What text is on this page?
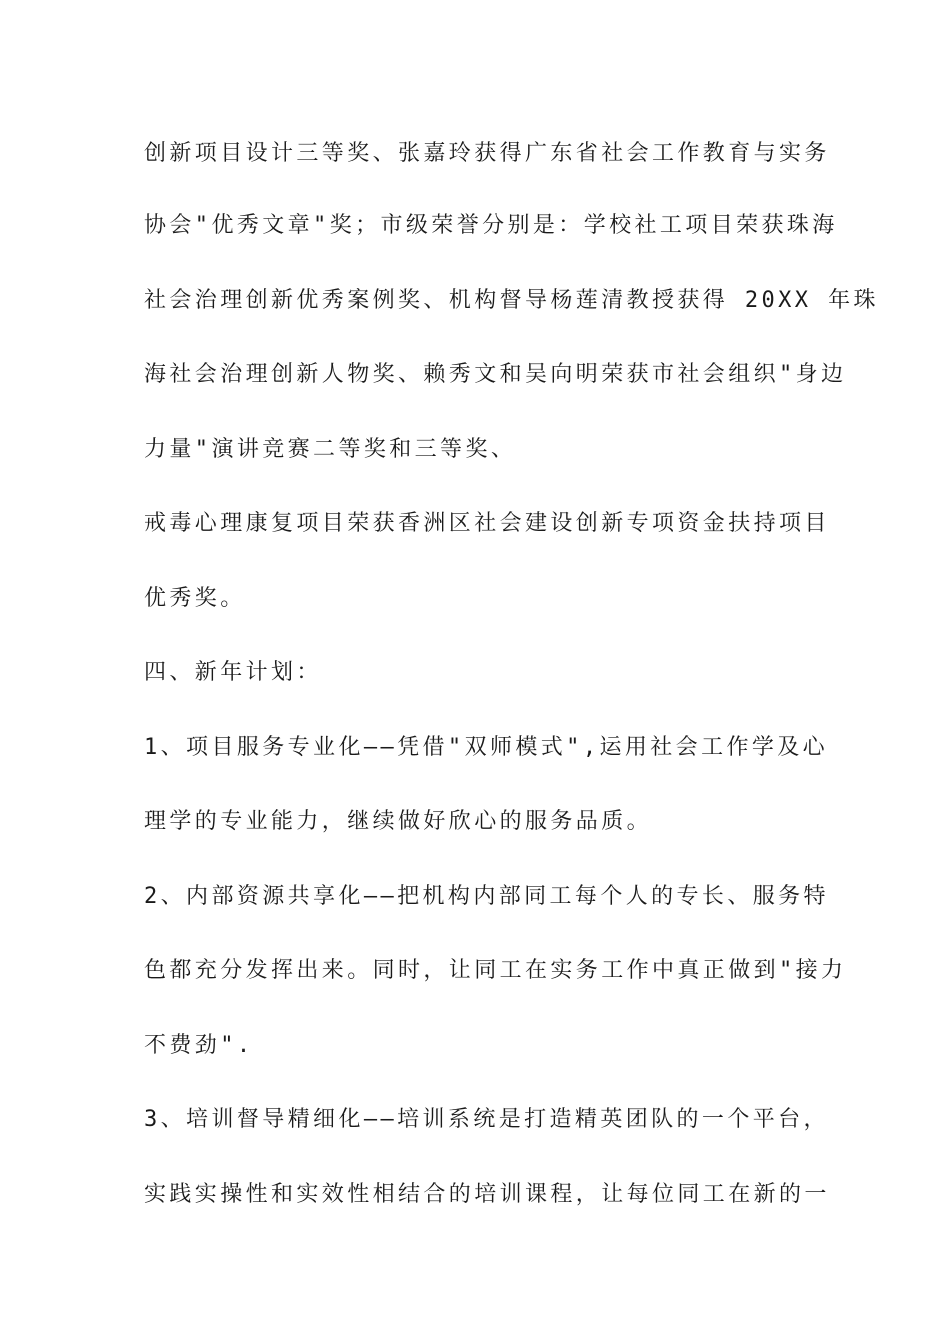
创新项目设计三等奖、张嘉玲获得广东省社会工作教育与实务
协会"优秀文章"奖；市级荣誉分别是：学校社工项目荣获珠海
社会治理创新优秀案例奖、机构督导杨莲清教授获得 20XX 年珠
海社会治理创新人物奖、赖秀文和吴向明荣获市社会组织"身边
力量"演讲竞赛二等奖和三等奖、
戒毒心理康复项目荣获香洲区社会建设创新专项资金扶持项目
优秀奖。
四、新年计划：
1、项目服务专业化——凭借"双师模式",运用社会工作学及心
理学的专业能力，继续做好欣心的服务品质。
2、内部资源共享化——把机构内部同工每个人的专长、服务特
色都充分发挥出来。同时，让同工在实务工作中真正做到"接力
不费劲".
3、培训督导精细化——培训系统是打造精英团队的一个平台，
实践实操性和实效性相结合的培训课程，让每位同工在新的一
